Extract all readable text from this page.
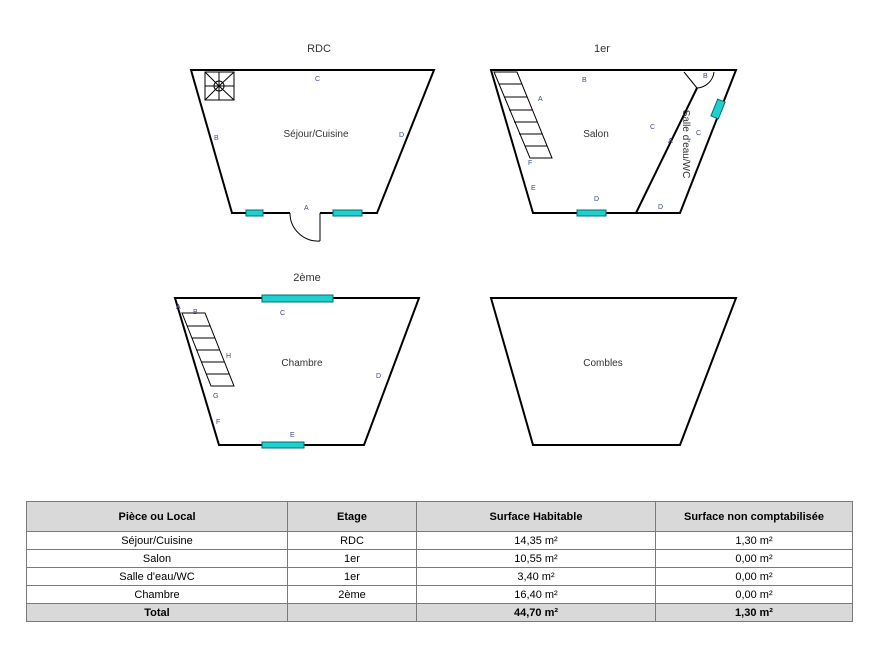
RDC
C
B	D
A
Séjour/Cuisine
1er
B
A
F
E
D
C
A
B
C
D
Salon	Salle d'eau/WC
2ème
A
B	C
D
E
F
G
H
Chambre	Combles
Pièce ou Local	Etage	Surface Habitable	Surface non comptabilisée
Séjour/Cuisine	RDC	14,35 m²	1,30 m²
Salon	1er	10,55 m²	0,00 m²
Salle d'eau/WC	1er	3,40 m²	0,00 m²
Chambre	2ème	16,40 m²	0,00 m²
Total		44,70 m²	1,30 m²
